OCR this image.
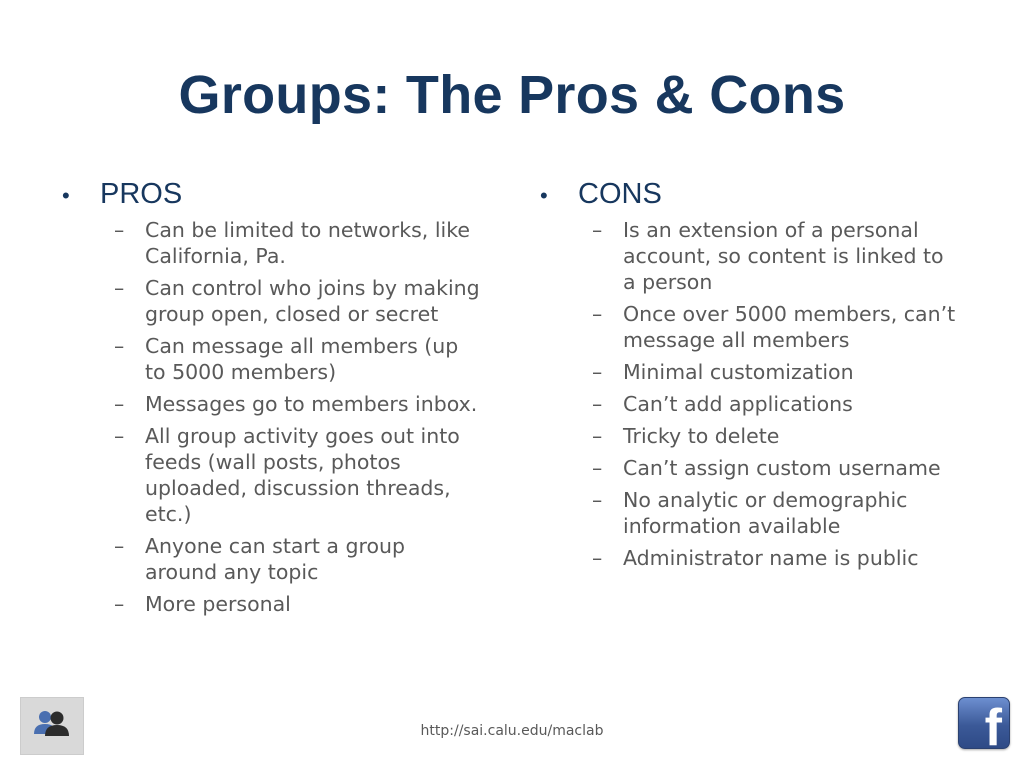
Groups: The Pros & Cons
•	PROS
– Can be limited to networks, like California, Pa.
– Can control who joins by making group open, closed or secret
– Can message all members (up to 5000 members)
– Messages go to members inbox.
– All group activity goes out into feeds (wall posts, photos uploaded, discussion threads, etc.)
– Anyone can start a group around any topic
– More personal
•	CONS
– Is an extension of a personal account, so content is linked to a person
– Once over 5000 members, can’t message all members
– Minimal customization
– Can’t add applications
– Tricky to delete
– Can’t assign custom username
– No analytic or demographic information available
– Administrator name is public
http://sai.calu.edu/maclab	f
